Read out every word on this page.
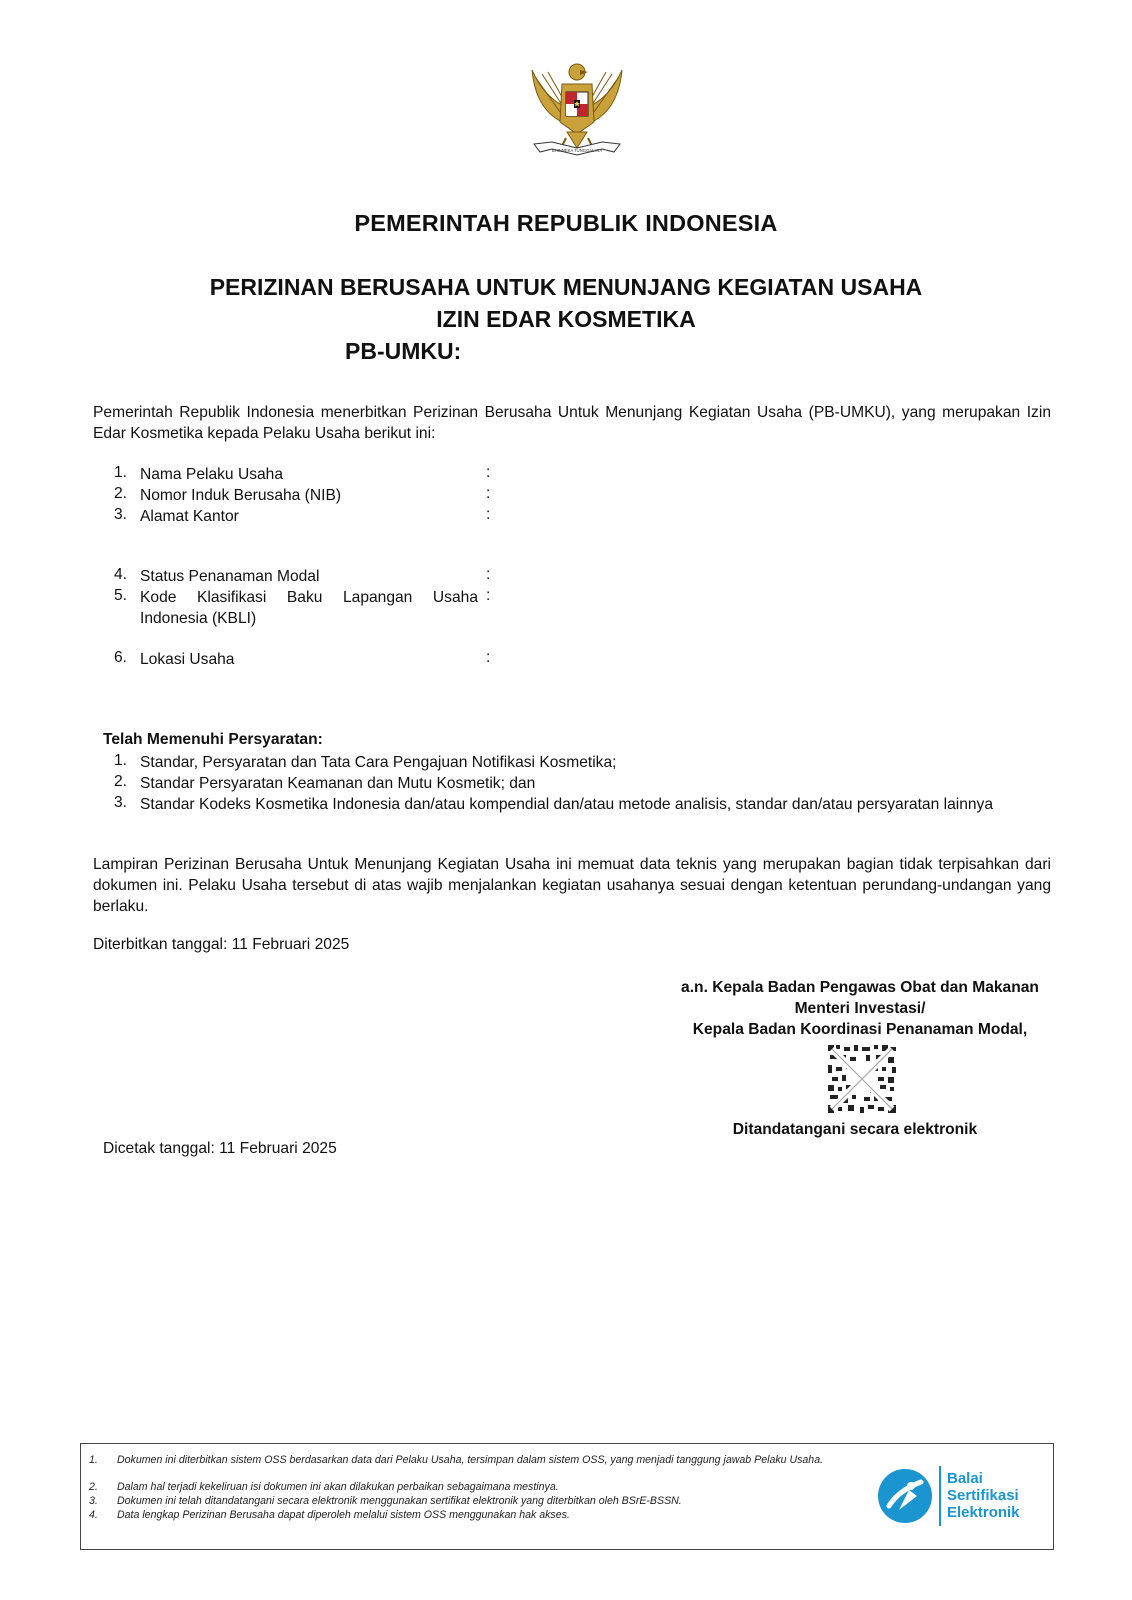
BHINNEKA TUNGGAL IKA
PEMERINTAH REPUBLIK INDONESIA
PERIZINAN BERUSAHA UNTUK MENUNJANG KEGIATAN USAHA
IZIN EDAR KOSMETIKA
PB-UMKU:
Pemerintah Republik Indonesia menerbitkan Perizinan Berusaha Untuk Menunjang Kegiatan Usaha (PB-UMKU), yang merupakan Izin Edar Kosmetika kepada Pelaku Usaha berikut ini:
1. Nama Pelaku Usaha	:
2. Nomor Induk Berusaha (NIB)	:
3. Alamat Kantor	:
4. Status Penanaman Modal	:
5. Kode Klasifikasi Baku Lapangan Usaha Indonesia (KBLI)
:
6. Lokasi Usaha	:
Telah Memenuhi Persyaratan:
1. Standar, Persyaratan dan Tata Cara Pengajuan Notifikasi Kosmetika;
2. Standar Persyaratan Keamanan dan Mutu Kosmetik; dan
3. Standar Kodeks Kosmetika Indonesia dan/atau kompendial dan/atau metode analisis, standar dan/atau persyaratan lainnya
Lampiran Perizinan Berusaha Untuk Menunjang Kegiatan Usaha ini memuat data teknis yang merupakan bagian tidak terpisahkan dari dokumen ini. Pelaku Usaha tersebut di atas wajib menjalankan kegiatan usahanya sesuai dengan ketentuan perundang-undangan yang berlaku.
Diterbitkan tanggal: 11 Februari 2025
a.n. Kepala Badan Pengawas Obat dan Makanan
Menteri Investasi/
Kepala Badan Koordinasi Penanaman Modal,
Ditandatangani secara elektronik
Dicetak tanggal: 11 Februari 2025
1. Dokumen ini diterbitkan sistem OSS berdasarkan data dari Pelaku Usaha, tersimpan dalam sistem OSS, yang menjadi tanggung jawab Pelaku Usaha.
2. Dalam hal terjadi kekeliruan isi dokumen ini akan dilakukan perbaikan sebagaimana mestinya.
3. Dokumen ini telah ditandatangani secara elektronik menggunakan sertifikat elektronik yang diterbitkan oleh BSrE-BSSN.
4. Data lengkap Perizinan Berusaha dapat diperoleh melalui sistem OSS menggunakan hak akses.
Balai
Sertifikasi
Elektronik
